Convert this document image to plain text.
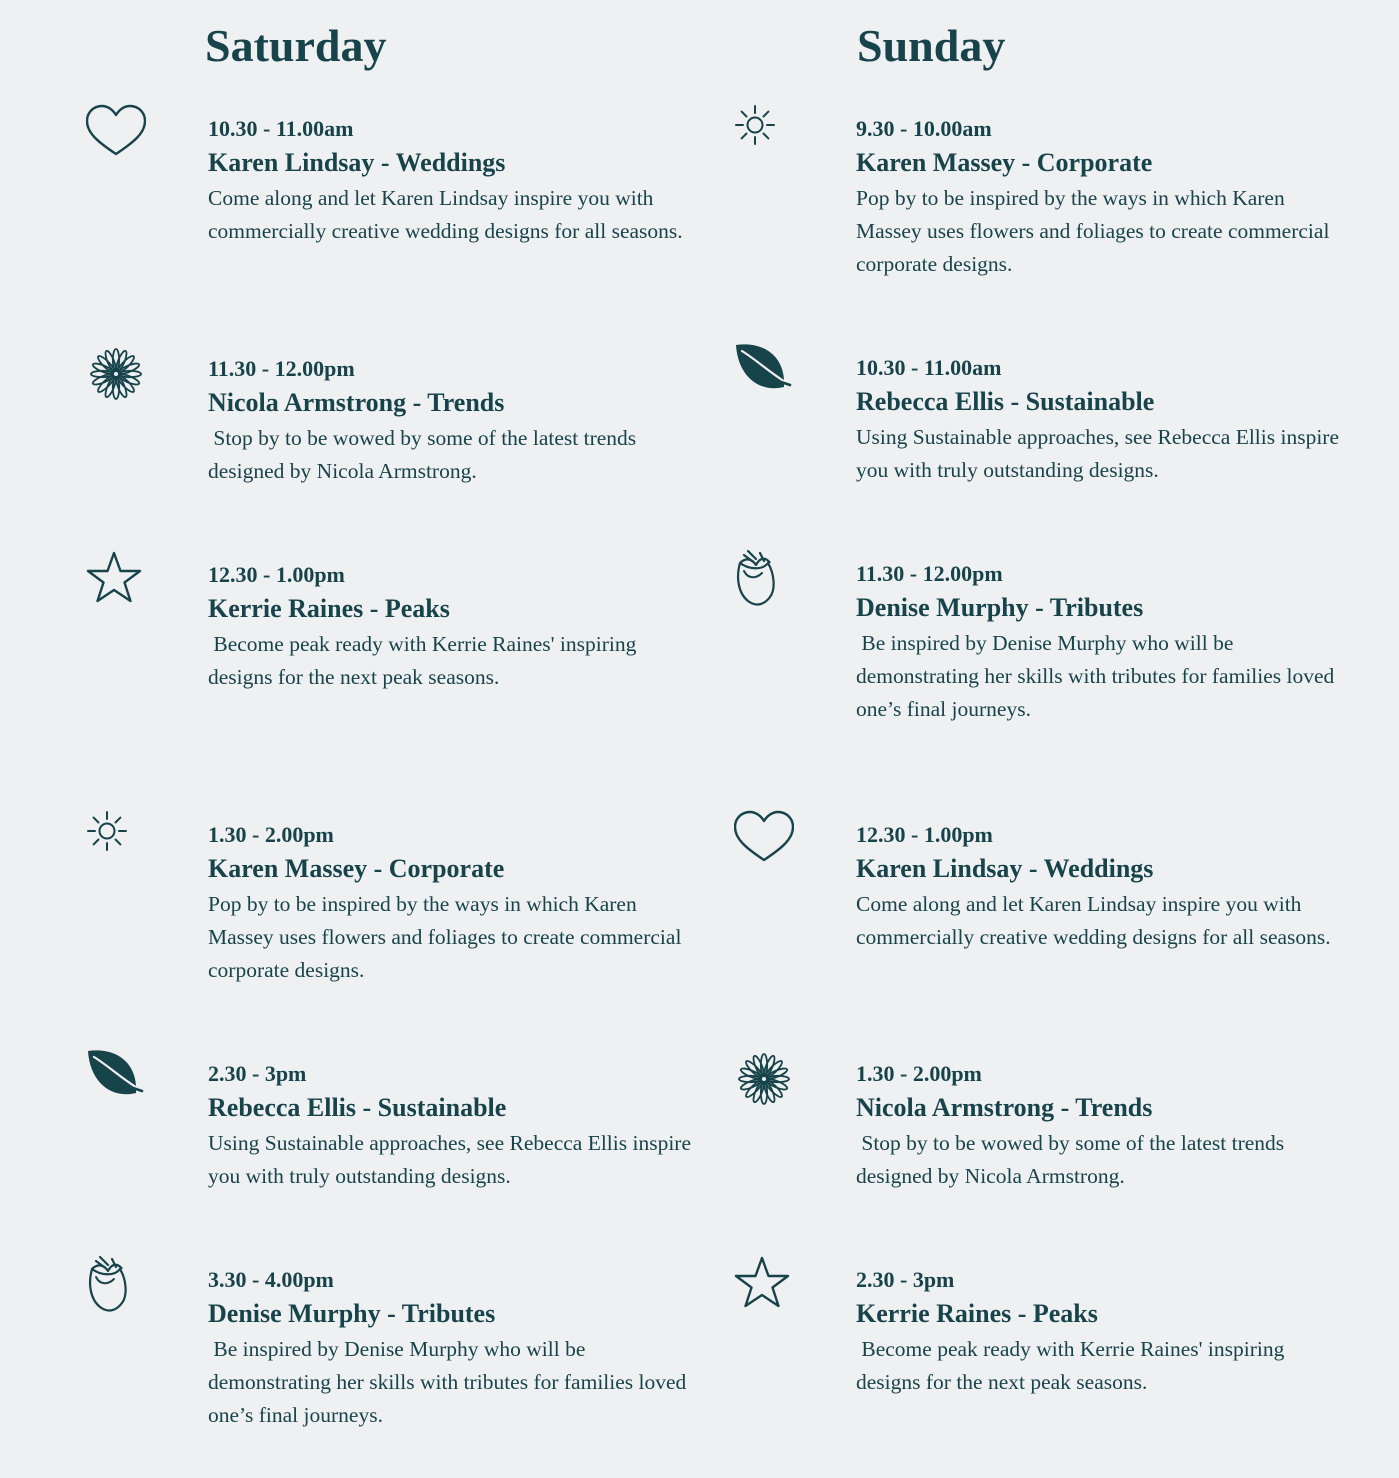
Saturday
10.30 - 11.00am
Karen Lindsay - Weddings
Come along and let Karen Lindsay inspire you with commercially creative wedding designs for all seasons.
11.30 - 12.00pm
Nicola Armstrong - Trends
Stop by to be wowed by some of the latest trends designed by Nicola Armstrong.
12.30 - 1.00pm
Kerrie Raines - Peaks
Become peak ready with Kerrie Raines' inspiring designs for the next peak seasons.
1.30 - 2.00pm
Karen Massey - Corporate
Pop by to be inspired by the ways in which Karen Massey uses flowers and foliages to create commercial corporate designs.
2.30 - 3pm
Rebecca Ellis - Sustainable
Using Sustainable approaches, see Rebecca Ellis inspire you with truly outstanding designs.
3.30 - 4.00pm
Denise Murphy - Tributes
Be inspired by Denise Murphy who will be demonstrating her skills with tributes for families loved one’s final journeys.
Sunday
9.30 - 10.00am
Karen Massey - Corporate
Pop by to be inspired by the ways in which Karen Massey uses flowers and foliages to create commercial corporate designs.
10.30 - 11.00am
Rebecca Ellis - Sustainable
Using Sustainable approaches, see Rebecca Ellis inspire you with truly outstanding designs.
11.30 - 12.00pm
Denise Murphy - Tributes
Be inspired by Denise Murphy who will be demonstrating her skills with tributes for families loved one’s final journeys.
12.30 - 1.00pm
Karen Lindsay - Weddings
Come along and let Karen Lindsay inspire you with commercially creative wedding designs for all seasons.
1.30 - 2.00pm
Nicola Armstrong - Trends
Stop by to be wowed by some of the latest trends designed by Nicola Armstrong.
2.30 - 3pm
Kerrie Raines - Peaks
Become peak ready with Kerrie Raines' inspiring designs for the next peak seasons.
